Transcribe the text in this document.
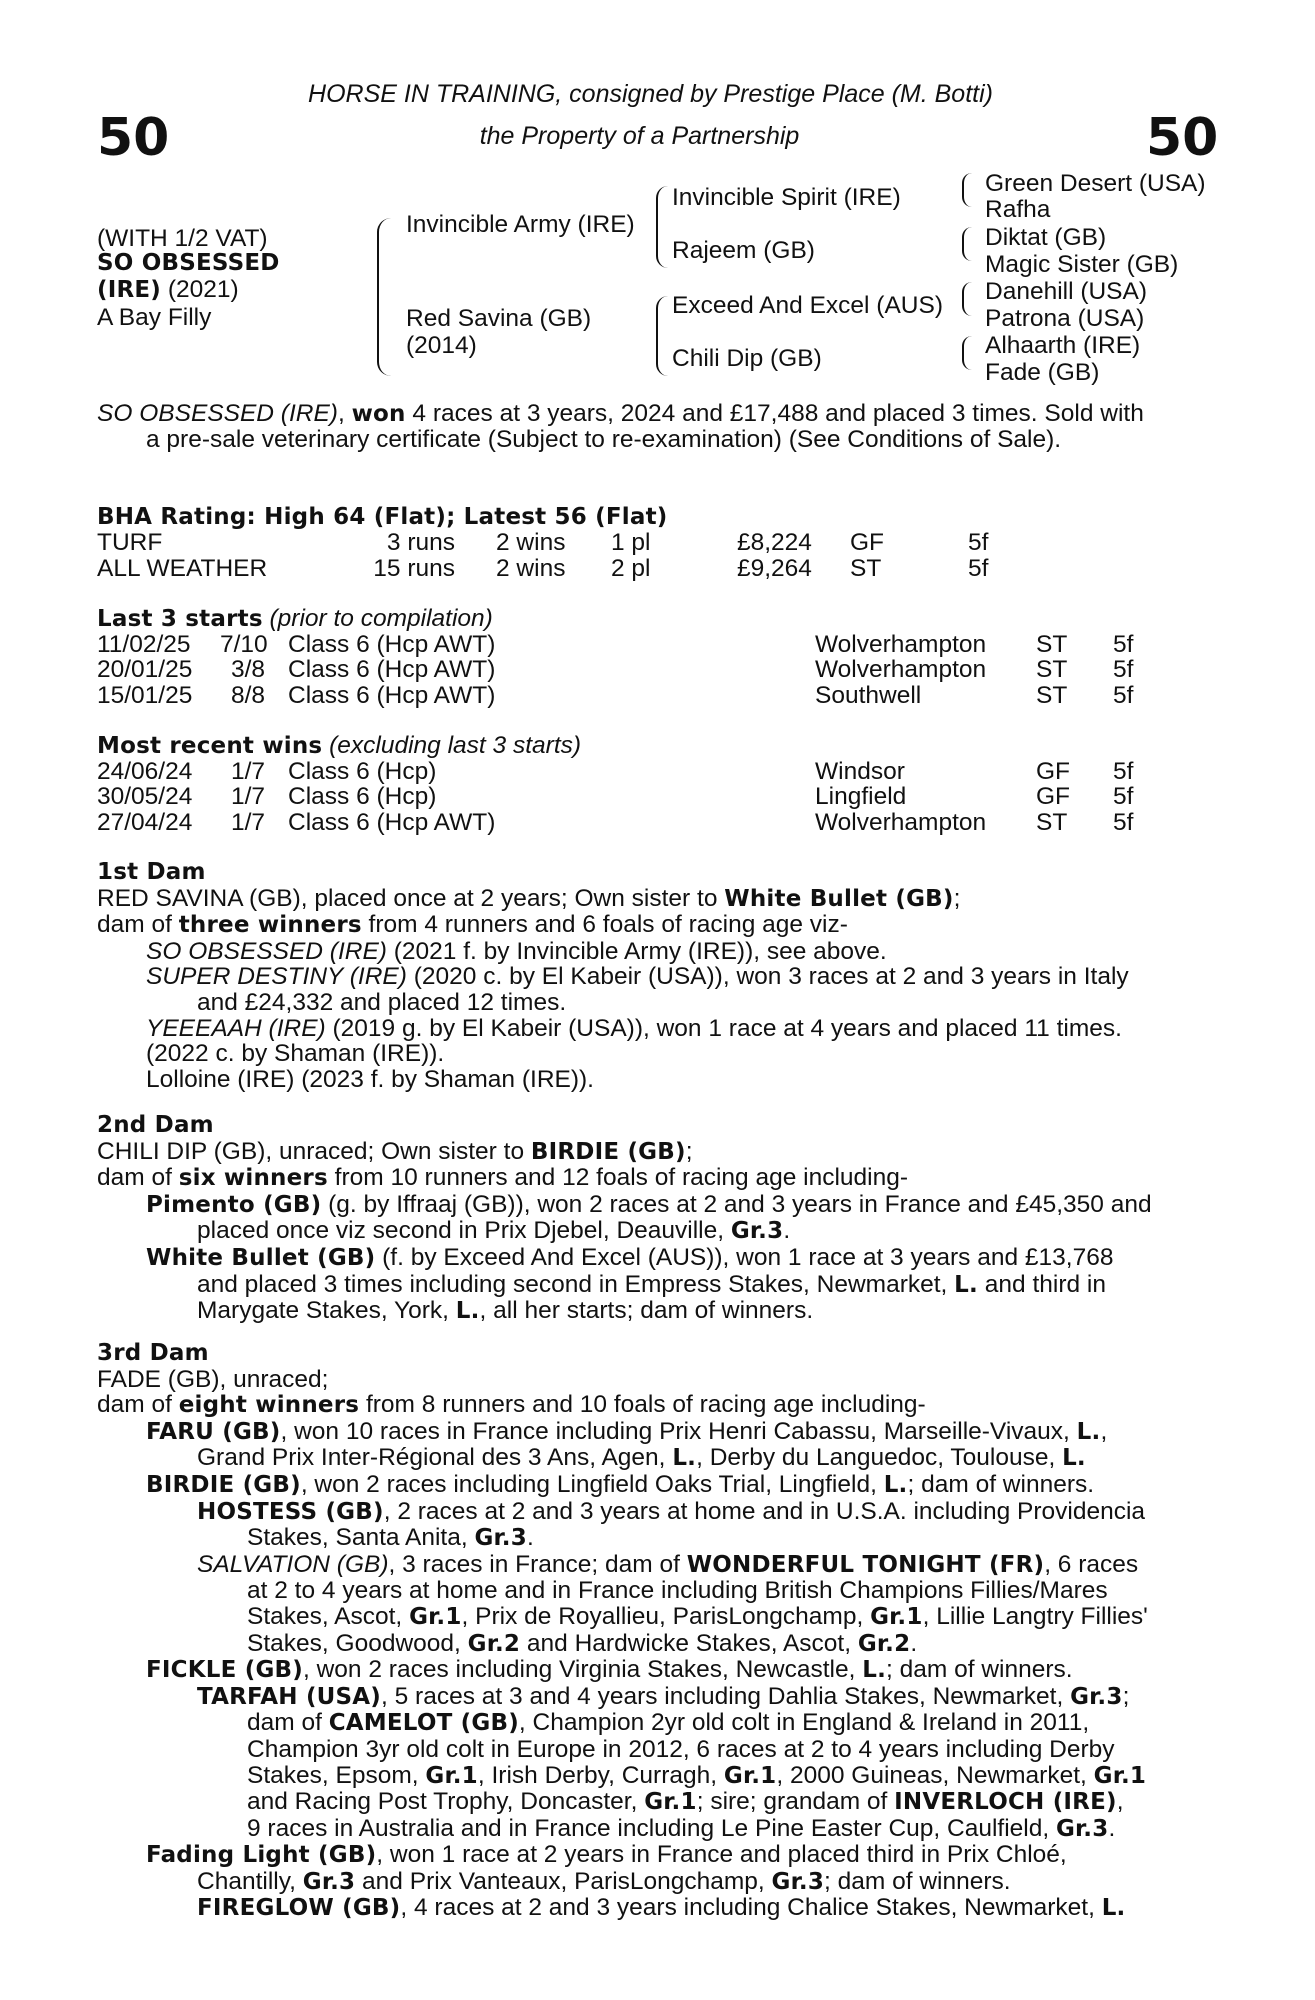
50	50
HORSE IN TRAINING, consigned by Prestige Place (M. Botti)
the Property of a Partnership
(WITH 1/2 VAT)
SO OBSESSED
(IRE) (2021)
A Bay Filly
Invincible Army (IRE)
Red Savina (GB)
(2014)
Invincible Spirit (IRE)
Rajeem (GB)
Exceed And Excel (AUS)
Chili Dip (GB)
Green Desert (USA)
Rafha
Diktat (GB)
Magic Sister (GB)
Danehill (USA)
Patrona (USA)
Alhaarth (IRE)
Fade (GB)
SO OBSESSED (IRE), won 4 races at 3 years, 2024 and £17,488 and placed 3 times. Sold with
a pre-sale veterinary certificate (Subject to re-examination) (See Conditions of Sale).
BHA Rating: High 64 (Flat); Latest 56 (Flat)
TURF	3 runs 2 wins 1 pl	£8,224 GF	5f
ALL WEATHER	15 runs 2 wins 2 pl	£9,264 ST	5f
Last 3 starts (prior to compilation)
11/02/25 7/10 Class 6 (Hcp AWT)	Wolverhampton ST 5f
20/01/25	3/8 Class 6 (Hcp AWT)	Wolverhampton ST 5f
15/01/25	8/8 Class 6 (Hcp AWT)	Southwell	ST 5f
Most recent wins (excluding last 3 starts)
24/06/24	1/7 Class 6 (Hcp)	Windsor	GF 5f
30/05/24	1/7 Class 6 (Hcp)	Lingfield	GF 5f
27/04/24	1/7 Class 6 (Hcp AWT)	Wolverhampton ST 5f
1st Dam
RED SAVINA (GB), placed once at 2 years; Own sister to White Bullet (GB);
dam of three winners from 4 runners and 6 foals of racing age viz-
SO OBSESSED (IRE) (2021 f. by Invincible Army (IRE)), see above.
SUPER DESTINY (IRE) (2020 c. by El Kabeir (USA)), won 3 races at 2 and 3 years in Italy
and £24,332 and placed 12 times.
YEEEAAH (IRE) (2019 g. by El Kabeir (USA)), won 1 race at 4 years and placed 11 times.
(2022 c. by Shaman (IRE)).
Lolloine (IRE) (2023 f. by Shaman (IRE)).
2nd Dam
CHILI DIP (GB), unraced; Own sister to BIRDIE (GB);
dam of six winners from 10 runners and 12 foals of racing age including-
Pimento (GB) (g. by Iffraaj (GB)), won 2 races at 2 and 3 years in France and £45,350 and
placed once viz second in Prix Djebel, Deauville, Gr.3.
White Bullet (GB) (f. by Exceed And Excel (AUS)), won 1 race at 3 years and £13,768
and placed 3 times including second in Empress Stakes, Newmarket, L. and third in
Marygate Stakes, York, L., all her starts; dam of winners.
3rd Dam
FADE (GB), unraced;
dam of eight winners from 8 runners and 10 foals of racing age including-
FARU (GB), won 10 races in France including Prix Henri Cabassu, Marseille-Vivaux, L.,
Grand Prix Inter-Régional des 3 Ans, Agen, L., Derby du Languedoc, Toulouse, L.
BIRDIE (GB), won 2 races including Lingfield Oaks Trial, Lingfield, L.; dam of winners.
HOSTESS (GB), 2 races at 2 and 3 years at home and in U.S.A. including Providencia
Stakes, Santa Anita, Gr.3.
SALVATION (GB), 3 races in France; dam of WONDERFUL TONIGHT (FR), 6 races
at 2 to 4 years at home and in France including British Champions Fillies/Mares
Stakes, Ascot, Gr.1, Prix de Royallieu, ParisLongchamp, Gr.1, Lillie Langtry Fillies'
Stakes, Goodwood, Gr.2 and Hardwicke Stakes, Ascot, Gr.2.
FICKLE (GB), won 2 races including Virginia Stakes, Newcastle, L.; dam of winners.
TARFAH (USA), 5 races at 3 and 4 years including Dahlia Stakes, Newmarket, Gr.3;
dam of CAMELOT (GB), Champion 2yr old colt in England & Ireland in 2011,
Champion 3yr old colt in Europe in 2012, 6 races at 2 to 4 years including Derby
Stakes, Epsom, Gr.1, Irish Derby, Curragh, Gr.1, 2000 Guineas, Newmarket, Gr.1
and Racing Post Trophy, Doncaster, Gr.1; sire; grandam of INVERLOCH (IRE),
9 races in Australia and in France including Le Pine Easter Cup, Caulfield, Gr.3.
Fading Light (GB), won 1 race at 2 years in France and placed third in Prix Chloé,
Chantilly, Gr.3 and Prix Vanteaux, ParisLongchamp, Gr.3; dam of winners.
FIREGLOW (GB), 4 races at 2 and 3 years including Chalice Stakes, Newmarket, L.
